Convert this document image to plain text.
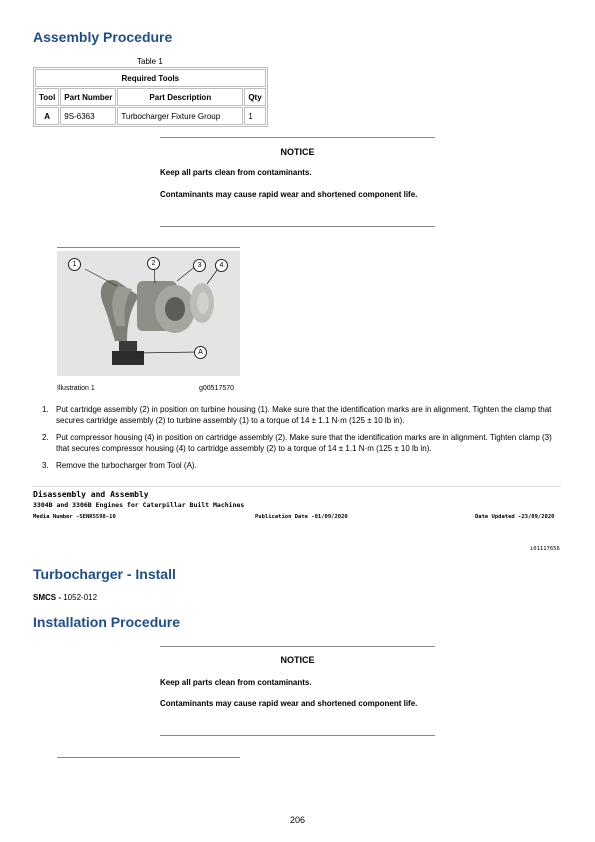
Assembly Procedure
Table 1
Required Tools			
Tool	Part Number	Part Description	Qty
A	9S-6363	Turbocharger Fixture Group	1
NOTICE
Keep all parts clean from contaminants.
Contaminants may cause rapid wear and shortened component life.
1	2	3	4
A
Illustration 1	g00517570
1. Put cartridge assembly (2) in position on turbine housing (1). Make sure that the identification marks are in alignment. Tighten the clamp that secures cartridge assembly (2) to turbine assembly (1) to a torque of 14 ± 1.1 N·m (125 ± 10 lb in).
2. Put compressor housing (4) in position on cartridge assembly (2). Make sure that the identification marks are in alignment. Tighten clamp (3) that secures compressor housing (4) to cartridge assembly (2) to a torque of 14 ± 1.1 N·m (125 ± 10 lb in).
3. Remove the turbocharger from Tool (A).
Disassembly and Assembly
3304B and 3306B Engines for Caterpillar Built Machines
Media Number -SENR5598-10	Publication Date -01/09/2020	Date Updated -23/09/2020
i01117656
Turbocharger - Install
SMCS - 1052-012
Installation Procedure
NOTICE
Keep all parts clean from contaminants.
Contaminants may cause rapid wear and shortened component life.
206
